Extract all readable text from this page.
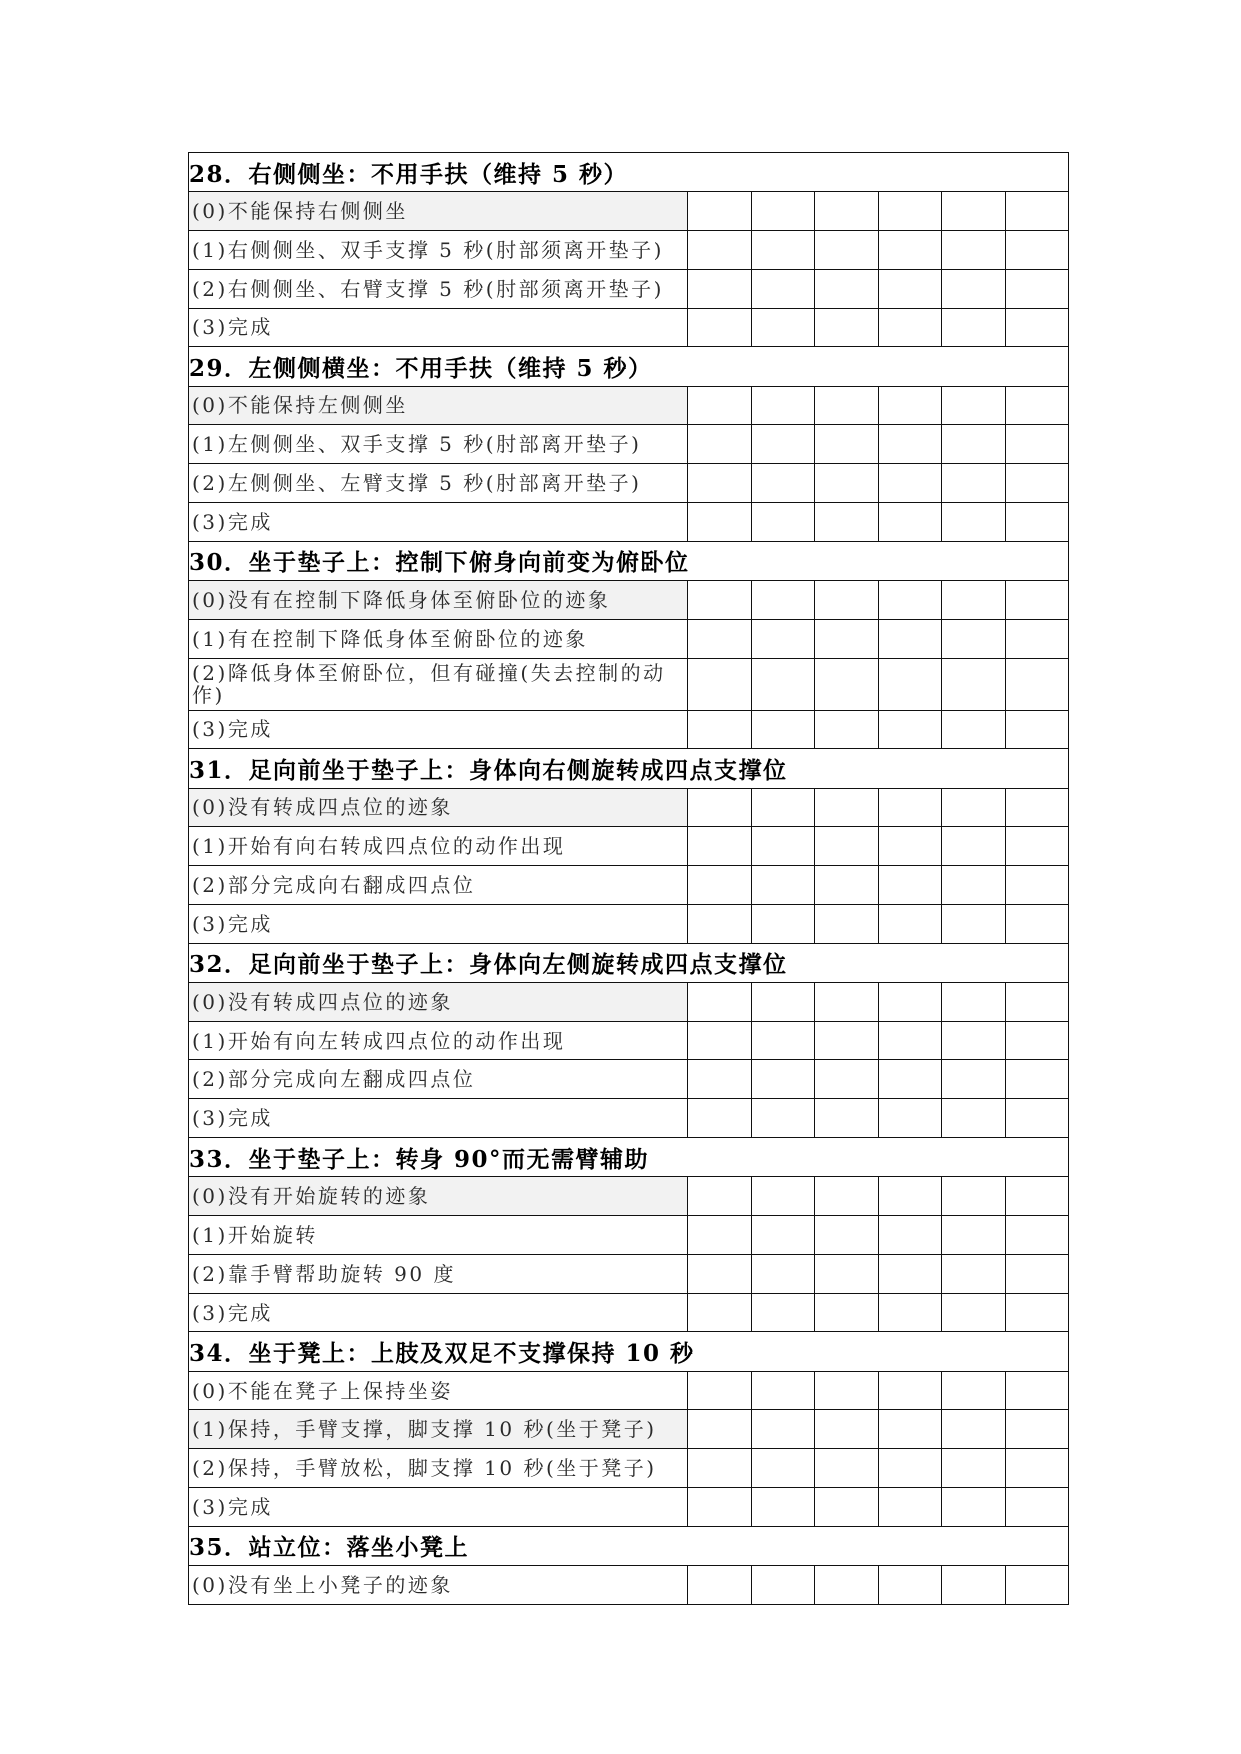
28．右侧侧坐：不用手扶（维持 5 秒）						
(0)不能保持右侧侧坐						
(1)右侧侧坐、双手支撑 5 秒(肘部须离开垫子)						
(2)右侧侧坐、右臂支撑 5 秒(肘部须离开垫子)						
(3)完成						
29．左侧侧横坐：不用手扶（维持 5 秒）						
(0)不能保持左侧侧坐						
(1)左侧侧坐、双手支撑 5 秒(肘部离开垫子)						
(2)左侧侧坐、左臂支撑 5 秒(肘部离开垫子)						
(3)完成						
30．坐于垫子上：控制下俯身向前变为俯卧位						
(0)没有在控制下降低身体至俯卧位的迹象						
(1)有在控制下降低身体至俯卧位的迹象						
(2)降低身体至俯卧位，但有碰撞(失去控制的动作)						
(3)完成						
31．足向前坐于垫子上：身体向右侧旋转成四点支撑位						
(0)没有转成四点位的迹象						
(1)开始有向右转成四点位的动作出现						
(2)部分完成向右翻成四点位						
(3)完成						
32．足向前坐于垫子上：身体向左侧旋转成四点支撑位						
(0)没有转成四点位的迹象						
(1)开始有向左转成四点位的动作出现						
(2)部分完成向左翻成四点位						
(3)完成						
33．坐于垫子上：转身 90°而无需臂辅助						
(0)没有开始旋转的迹象						
(1)开始旋转						
(2)靠手臂帮助旋转 90 度						
(3)完成						
34．坐于凳上：上肢及双足不支撑保持 10 秒						
(0)不能在凳子上保持坐姿						
(1)保持，手臂支撑，脚支撑 10 秒(坐于凳子)						
(2)保持，手臂放松，脚支撑 10 秒(坐于凳子)						
(3)完成						
35．站立位：落坐小凳上						
(0)没有坐上小凳子的迹象						
